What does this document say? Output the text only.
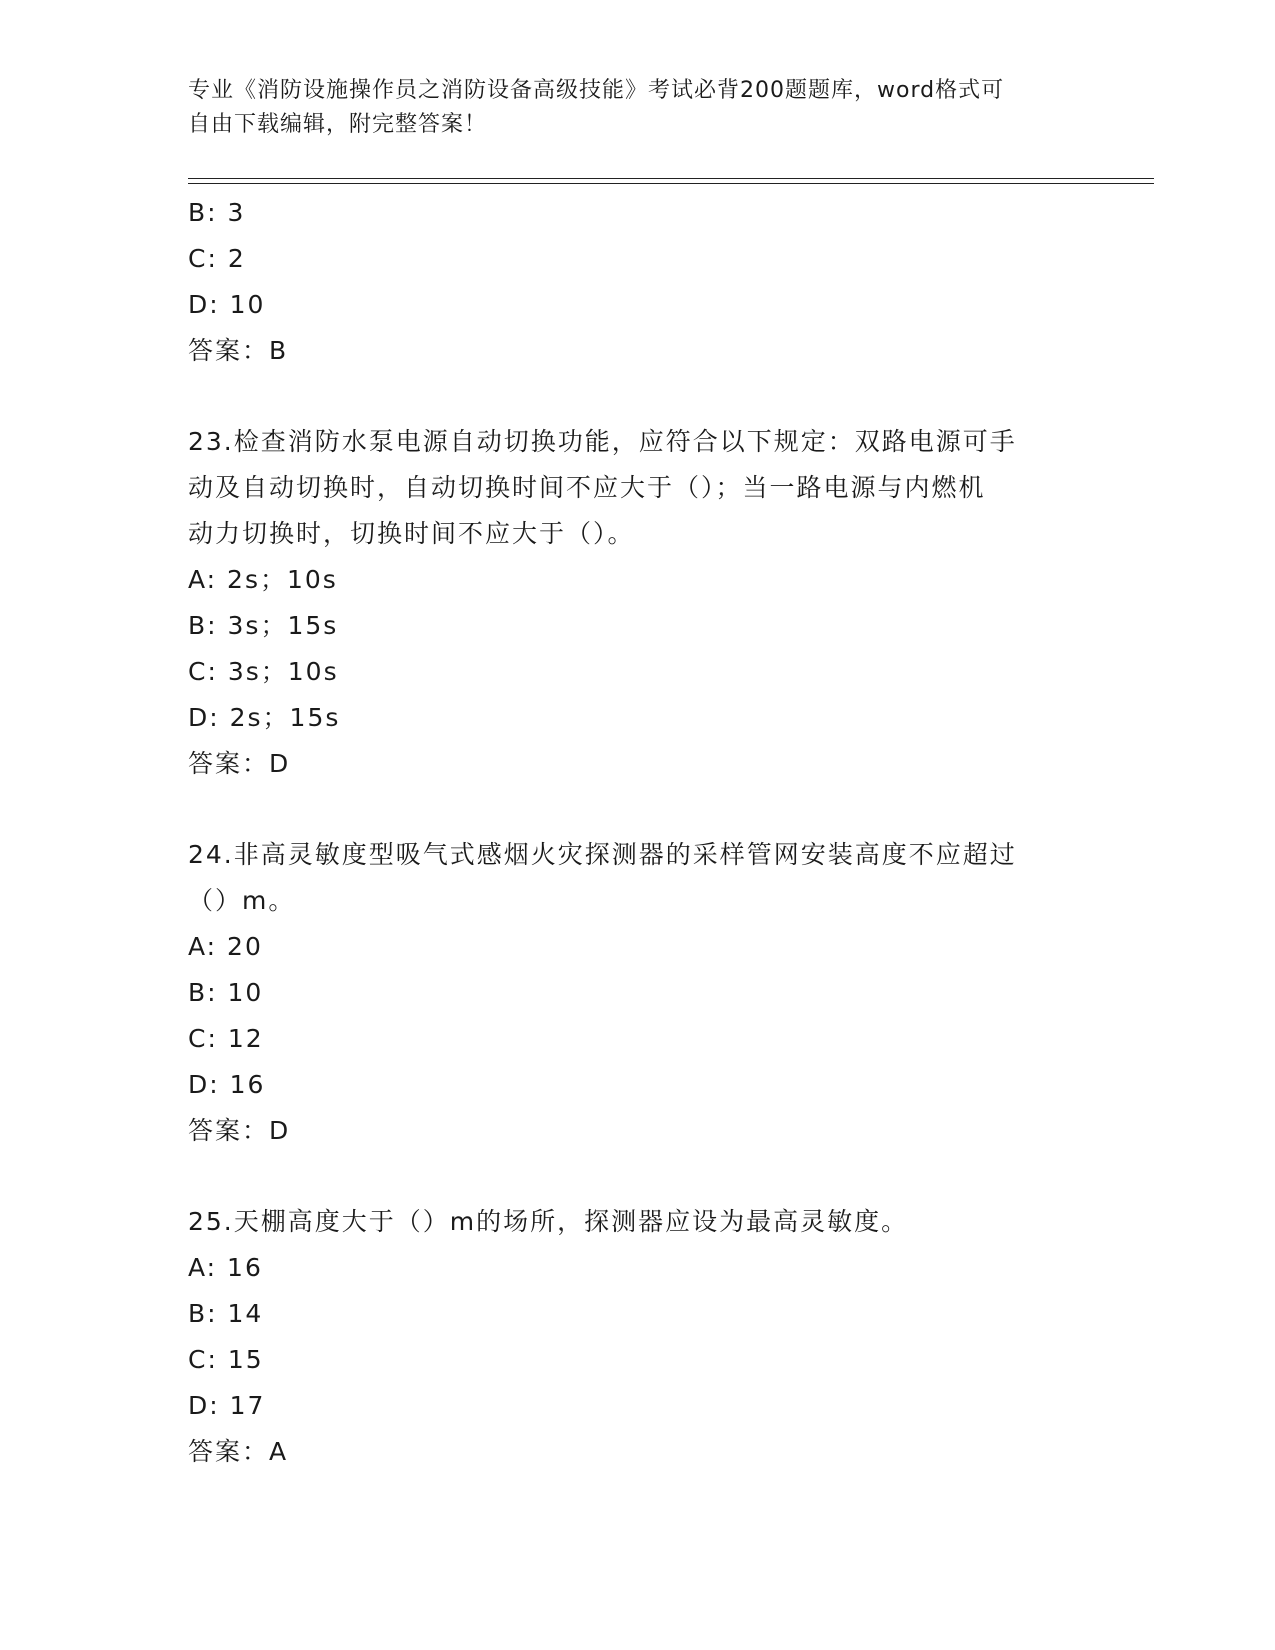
专业《消防设施操作员之消防设备高级技能》考试必背200题题库，word格式可
自由下载编辑，附完整答案！
B: 3
C: 2
D: 10
答案：B
23.检查消防水泵电源自动切换功能，应符合以下规定：双路电源可手
动及自动切换时，自动切换时间不应大于（）；当一路电源与内燃机
动力切换时，切换时间不应大于（）。
A: 2s；10s
B: 3s；15s
C: 3s；10s
D: 2s；15s
答案：D
24.非高灵敏度型吸气式感烟火灾探测器的采样管网安装高度不应超过
（）m。
A: 20
B: 10
C: 12
D: 16
答案：D
25.天棚高度大于（）m的场所，探测器应设为最高灵敏度。
A: 16
B: 14
C: 15
D: 17
答案：A
